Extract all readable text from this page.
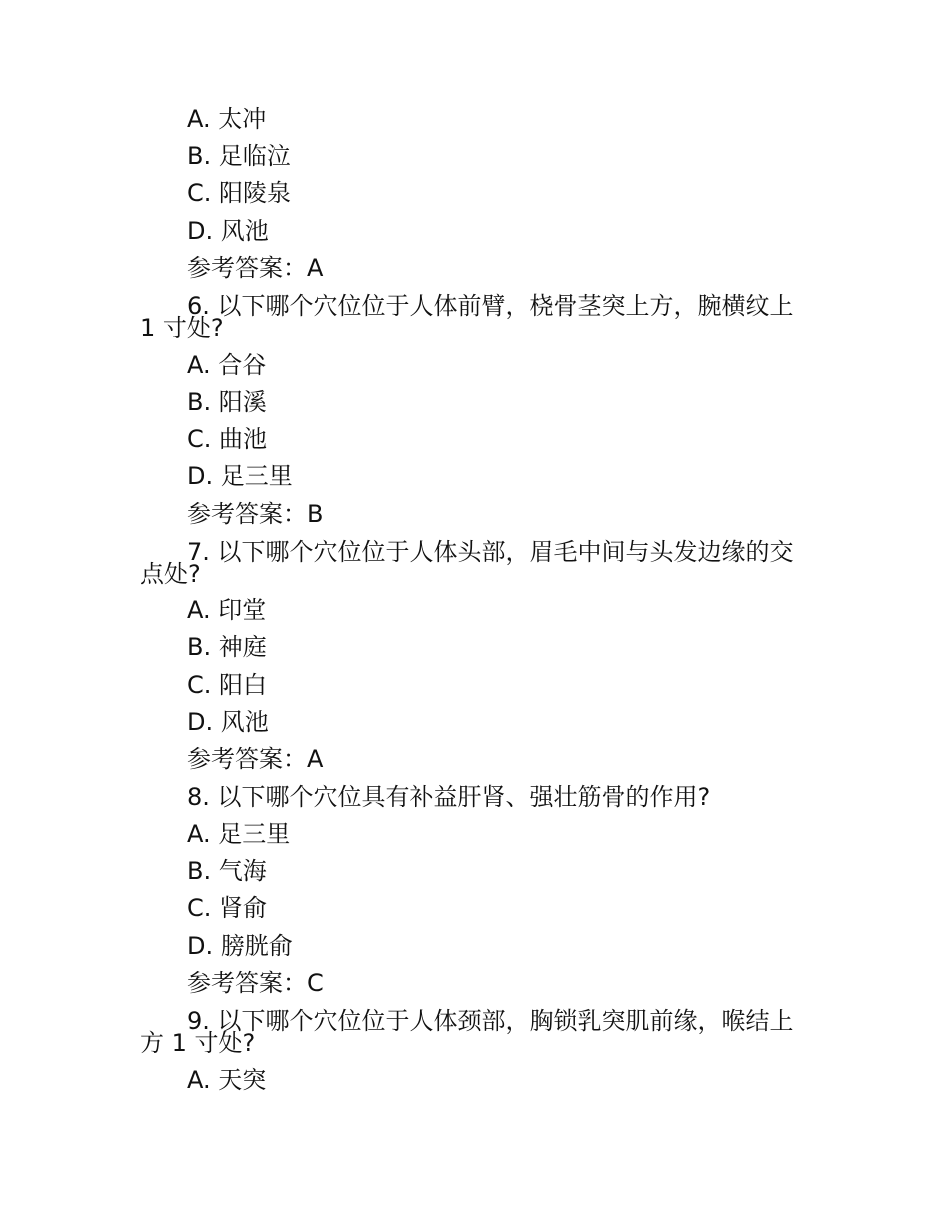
A. 太冲
B. 足临泣
C. 阳陵泉
D. 风池
参考答案：A
6. 以下哪个穴位位于人体前臂，桡骨茎突上方，腕横纹上
1 寸处?
A. 合谷
B. 阳溪
C. 曲池
D. 足三里
参考答案：B
7. 以下哪个穴位位于人体头部，眉毛中间与头发边缘的交
点处?
A. 印堂
B. 神庭
C. 阳白
D. 风池
参考答案：A
8. 以下哪个穴位具有补益肝肾、强壮筋骨的作用?
A. 足三里
B. 气海
C. 肾俞
D. 膀胱俞
参考答案：C
9. 以下哪个穴位位于人体颈部，胸锁乳突肌前缘，喉结上
方 1 寸处?
A. 天突
